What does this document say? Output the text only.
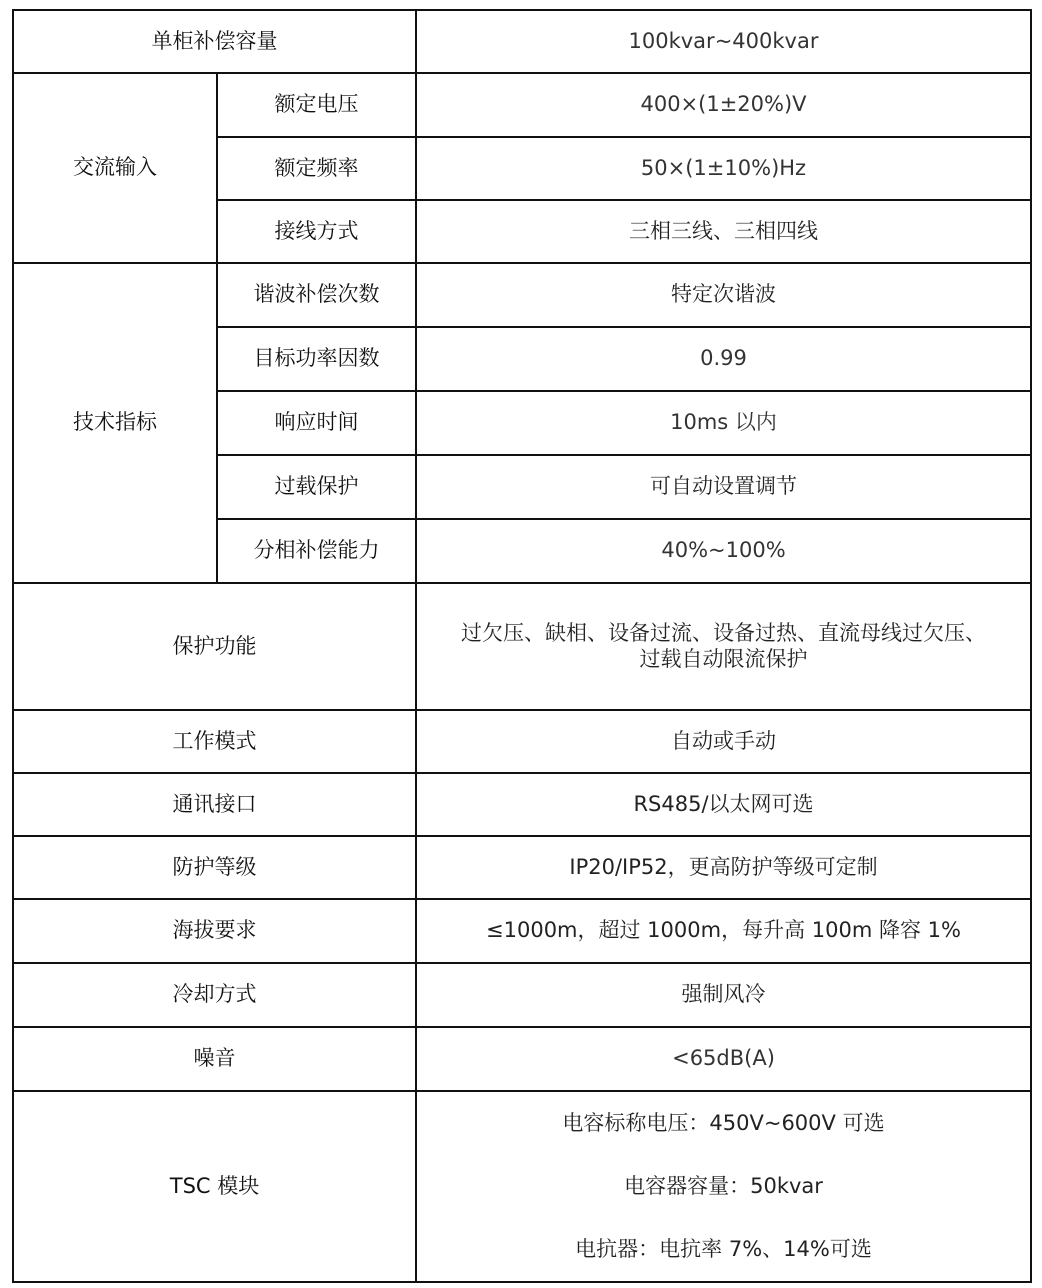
单柜补偿容量		100kvar~400kvar
交流输入	额定电压	400×(1±20%)V
	额定频率	50×(1±10%)Hz
	接线方式	三相三线、三相四线
技术指标	谐波补偿次数	特定次谐波
	目标功率因数	0.99
	响应时间	10ms 以内
	过载保护	可自动设置调节
	分相补偿能力	40%~100%
保护功能		过欠压、缺相、设备过流、设备过热、直流母线过欠压、
过载自动限流保护

工作模式		自动或手动
通讯接口		RS485/以太网可选
防护等级		IP20/IP52，更高防护等级可定制
海拔要求		≤1000m，超过 1000m，每升高 100m 降容 1%
冷却方式		强制风冷
噪音		<65dB(A)
TSC 模块		电容标称电压：450V~600V 可选
电容器容量：50kvar
电抗器：电抗率 7%、14%可选
